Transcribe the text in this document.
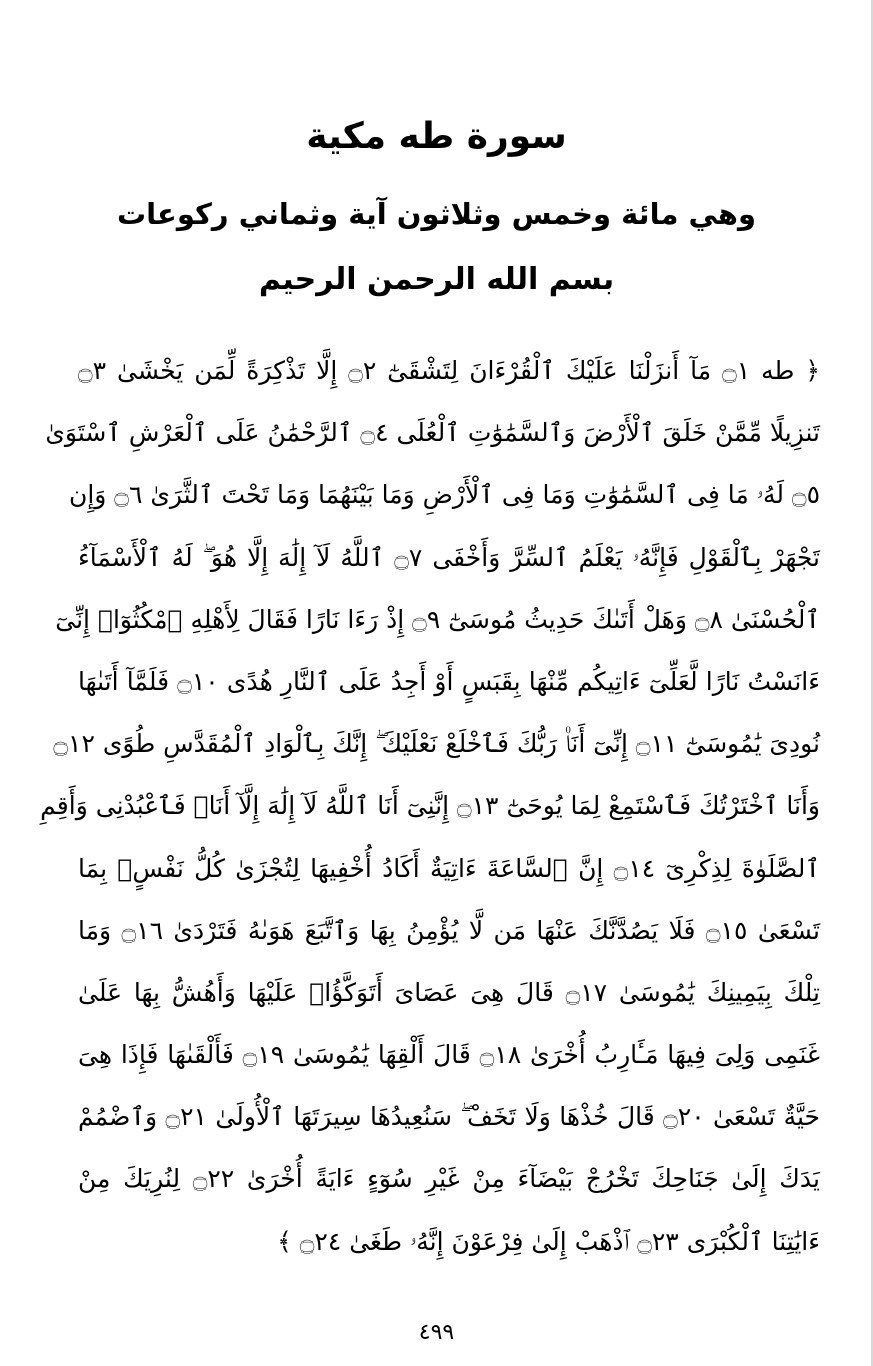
سورة طه مكية
وهي مائة وخمس وثلاثون آية وثماني ركوعات
بسم الله الرحمن الرحيم
﴿ طه ۝١ مَآ أَنزَلْنَا عَلَيْكَ ٱلْقُرْءَانَ لِتَشْقَىٰٓ ۝٢ إِلَّا تَذْكِرَةً لِّمَن يَخْشَىٰ ۝٣
تَنزِيلًا مِّمَّنْ خَلَقَ ٱلْأَرْضَ وَٱلسَّمَٰوَٰتِ ٱلْعُلَى ۝٤ ٱلرَّحْمَٰنُ عَلَى ٱلْعَرْشِ ٱسْتَوَىٰ
۝٥ لَهُۥ مَا فِى ٱلسَّمَٰوَٰتِ وَمَا فِى ٱلْأَرْضِ وَمَا بَيْنَهُمَا وَمَا تَحْتَ ٱلثَّرَىٰ ۝٦ وَإِن
تَجْهَرْ بِٱلْقَوْلِ فَإِنَّهُۥ يَعْلَمُ ٱلسِّرَّ وَأَخْفَى ۝٧ ٱللَّهُ لَآ إِلَٰهَ إِلَّا هُوَ ۖ لَهُ ٱلْأَسْمَآءُ
ٱلْحُسْنَىٰ ۝٨ وَهَلْ أَتَىٰكَ حَدِيثُ مُوسَىٰٓ ۝٩ إِذْ رَءَا نَارًا فَقَالَ لِأَهْلِهِ ٱمْكُثُوٓا۟ إِنِّىٓ
ءَانَسْتُ نَارًا لَّعَلِّىٓ ءَاتِيكُم مِّنْهَا بِقَبَسٍ أَوْ أَجِدُ عَلَى ٱلنَّارِ هُدًى ۝١٠ فَلَمَّآ أَتَىٰهَا
نُودِىَ يَٰمُوسَىٰٓ ۝١١ إِنِّىٓ أَنَا۠ رَبُّكَ فَٱخْلَعْ نَعْلَيْكَ ۖ إِنَّكَ بِٱلْوَادِ ٱلْمُقَدَّسِ طُوًى ۝١٢
وَأَنَا ٱخْتَرْتُكَ فَٱسْتَمِعْ لِمَا يُوحَىٰٓ ۝١٣ إِنَّنِىٓ أَنَا ٱللَّهُ لَآ إِلَٰهَ إِلَّآ أَنَا۠ فَٱعْبُدْنِى وَأَقِمِ
ٱلصَّلَوٰةَ لِذِكْرِىٓ ۝١٤ إِنَّ ٱلسَّاعَةَ ءَاتِيَةٌ أَكَادُ أُخْفِيهَا لِتُجْزَىٰ كُلُّ نَفْسٍۭ بِمَا
تَسْعَىٰ ۝١٥ فَلَا يَصُدَّنَّكَ عَنْهَا مَن لَّا يُؤْمِنُ بِهَا وَٱتَّبَعَ هَوَىٰهُ فَتَرْدَىٰ ۝١٦ وَمَا
تِلْكَ بِيَمِينِكَ يَٰمُوسَىٰ ۝١٧ قَالَ هِىَ عَصَاىَ أَتَوَكَّؤُا۟ عَلَيْهَا وَأَهُشُّ بِهَا عَلَىٰ
غَنَمِى وَلِىَ فِيهَا مَـَٔارِبُ أُخْرَىٰ ۝١٨ قَالَ أَلْقِهَا يَٰمُوسَىٰ ۝١٩ فَأَلْقَىٰهَا فَإِذَا هِىَ
حَيَّةٌ تَسْعَىٰ ۝٢٠ قَالَ خُذْهَا وَلَا تَخَفْ ۖ سَنُعِيدُهَا سِيرَتَهَا ٱلْأُولَىٰ ۝٢١ وَٱضْمُمْ
يَدَكَ إِلَىٰ جَنَاحِكَ تَخْرُجْ بَيْضَآءَ مِنْ غَيْرِ سُوٓءٍ ءَايَةً أُخْرَىٰ ۝٢٢ لِنُرِيَكَ مِنْ
ءَايَٰتِنَا ٱلْكُبْرَى ۝٢٣ ٱذْهَبْ إِلَىٰ فِرْعَوْنَ إِنَّهُۥ طَغَىٰ ۝٢٤ ﴾
٤٩٩
